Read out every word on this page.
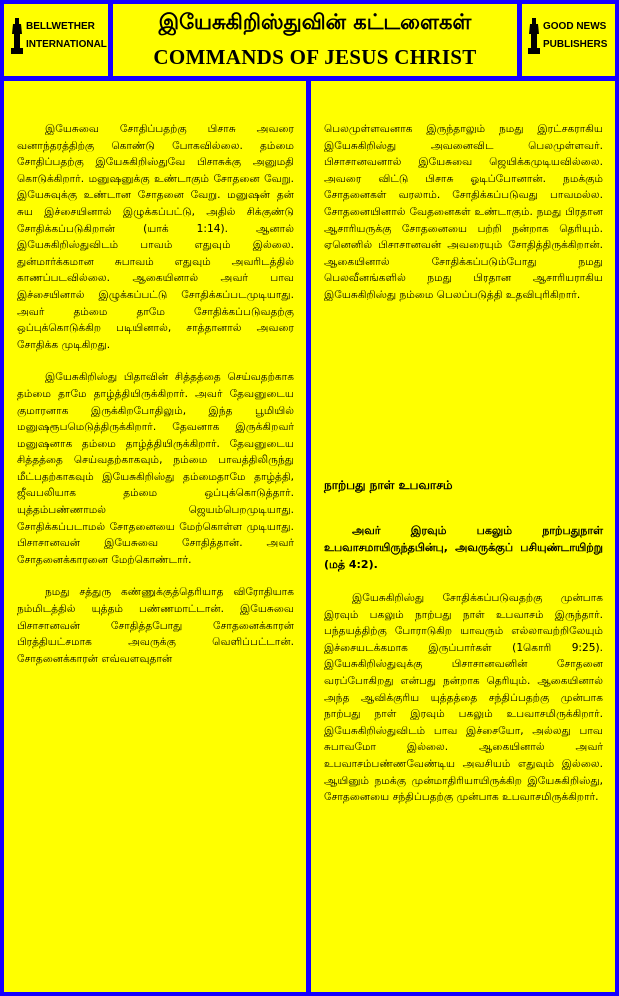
BELLWETHER
INTERNATIONAL
இயேசுகிறிஸ்துவின் கட்டளைகள்
COMMANDS OF JESUS CHRIST
GOOD NEWS
PUBLISHERS

இயேசுவை சோதிப்பதற்கு பிசாசு அவரை வனாந்தரத்திற்கு கொண்டு போகவில்லை. தம்மை சோதிப்பதற்கு இயேசுகிறிஸ்துவே பிசாசுக்கு அனுமதி கொடுக்கிறார். மனுஷனுக்கு உண்டாகும் சோதனை வேறு. இயேசுவுக்கு உண்டான சோதனை வேறு. மனுஷன் தன் சுய இச்சையினால் இழுக்கப்பட்டு, அதில் சிக்குண்டு சோதிக்கப்படுகிறான் (யாக் 1:14). ஆனால் இயேசுகிறிஸ்துவிடம் பாவம் எதுவும் இல்லை. துன்மார்க்கமான சுபாவம் எதுவும் அவரிடத்தில் காணப்படவில்லை. ஆகையினால் அவர் பாவ இச்சையினால் இழுக்கப்பட்டு சோதிக்கப்படமுடியாது. அவர் தம்மை தாமே சோதிக்கப்படுவதற்கு ஒப்புக்கொடுக்கிற படியினால், சாத்தானால் அவரை சோதிக்க முடிகிறது.

இயேசுகிறிஸ்து பிதாவின் சித்தத்தை செய்வதற்காக தம்மை தாமே தாழ்த்தியிருக்கிறார். அவர் தேவனுடைய குமாரனாக இருக்கிறபோதிலும், இந்த பூமியில் மனுஷரூபமெடுத்திருக்கிறார். தேவனாக இருக்கிறவர் மனுஷனாக தம்மை தாழ்த்தியிருக்கிறார். தேவனுடைய சித்தத்தை செய்வதற்காகவும், நம்மை பாவத்திலிருந்து மீட்பதற்காகவும் இயேசுகிறிஸ்து தம்மைதாமே தாழ்த்தி, ஜீவபலியாக தம்மை ஒப்புக்கொடுத்தார். யுத்தம்பண்ணாமல் ஜெயம்பெறமுடியாது. சோதிக்கப்படாமல் சோதனையை மேற்கொள்ள முடியாது. பிசாசானவன் இயேசுவை சோதித்தான். அவர் சோதனைக்காரனை மேற்கொண்டார்.

நமது சத்துரு கண்ணுக்குத்தெரியாத விரோதியாக நம்மிடத்தில் யுத்தம் பண்ணமாட்டான். இயேசுவை பிசாசானவன் சோதித்தபோது சோதனைக்காரன் பிரத்தியட்சமாக அவருக்கு வெளிப்பட்டான். சோதனைக்காரன் எவ்வளவுதான்

பெலமுள்ளவனாக இருந்தாலும் நமது இரட்சகராகிய இயேசுகிறிஸ்து அவனைவிட பெலமுள்ளவர். பிசாசானவனால் இயேசுவை ஜெயிக்கமுடியவில்லை. அவரை விட்டு பிசாசு ஓடிப்போனான். நமக்கும் சோதனைகள் வரலாம். சோதிக்கப்படுவது பாவமல்ல. சோதனையினால் வேதனைகள் உண்டாகும். நமது பிரதான ஆசாரியருக்கு சோதனையை பற்றி நன்றாக தெரியும். ஏனெனில் பிசாசானவன் அவரையும் சோதித்திருக்கிறான். ஆகையினால் சோதிக்கப்படும்போது நமது பெலவீனங்களில் நமது பிரதான ஆசாரியராகிய இயேசுகிறிஸ்து நம்மை பெலப்படுத்தி உதவிபுரிகிறார்.
நாற்பது நாள் உபவாசம்
அவர் இரவும் பகலும் நாற்பதுநாள் உபவாசமாயிருந்தபின்பு, அவருக்குப் பசியுண்டாயிற்று (மத் 4:2).
இயேசுகிறிஸ்து சோதிக்கப்படுவதற்கு முன்பாக இரவும் பகலும் நாற்பது நாள் உபவாசம் இருந்தார். பந்தயத்திற்கு போராடுகிற யாவரும் எல்லாவற்றிலேயும் இச்சையடக்கமாக இருப்பார்கள் (1கொரி 9:25). இயேசுகிறிஸ்துவுக்கு பிசாசானவனின் சோதனை வரப்போகிறது என்பது நன்றாக தெரியும். ஆகையினால் அந்த ஆவிக்குரிய யுத்தத்தை சந்திப்பதற்கு முன்பாக நாற்பது நாள் இரவும் பகலும் உபவாசமிருக்கிறார். இயேசுகிறிஸ்துவிடம் பாவ இச்சையோ, அல்லது பாவ சுபாவமோ இல்லை. ஆகையினால் அவர் உபவாசம்பண்ணவேண்டிய அவசியம் எதுவும் இல்லை. ஆயினும் நமக்கு முன்மாதிரியாயிருக்கிற இயேசுகிறிஸ்து, சோதனையை சந்திப்பதற்கு முன்பாக உபவாசமிருக்கிறார்.
